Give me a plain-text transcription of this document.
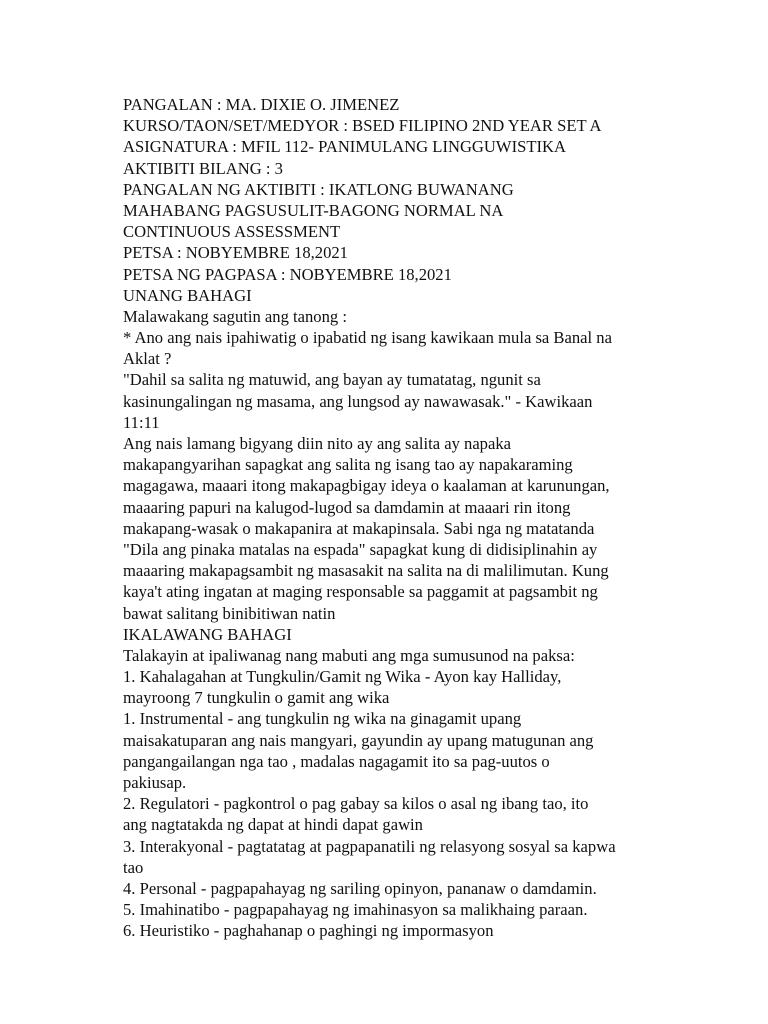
PANGALAN : MA. DIXIE O. JIMENEZ
KURSO/TAON/SET/MEDYOR : BSED FILIPINO 2ND YEAR SET A
ASIGNATURA : MFIL 112- PANIMULANG LINGGUWISTIKA
AKTIBITI BILANG : 3
PANGALAN NG AKTIBITI : IKATLONG BUWANANG
MAHABANG PAGSUSULIT-BAGONG NORMAL NA
CONTINUOUS ASSESSMENT
PETSA : NOBYEMBRE 18,2021
PETSA NG PAGPASA : NOBYEMBRE 18,2021
UNANG BAHAGI
Malawakang sagutin ang tanong :
* Ano ang nais ipahiwatig o ipabatid ng isang kawikaan mula sa Banal na
Aklat ?
"Dahil sa salita ng matuwid, ang bayan ay tumatatag, ngunit sa
kasinungalingan ng masama, ang lungsod ay nawawasak." - Kawikaan
11:11
Ang nais lamang bigyang diin nito ay ang salita ay napaka
makapangyarihan sapagkat ang salita ng isang tao ay napakaraming
magagawa, maaari itong makapagbigay ideya o kaalaman at karunungan,
maaaring papuri na kalugod-lugod sa damdamin at maaari rin itong
makapang-wasak o makapanira at makapinsala. Sabi nga ng matatanda
"Dila ang pinaka matalas na espada" sapagkat kung di didisiplinahin ay
maaaring makapagsambit ng masasakit na salita na di malilimutan. Kung
kaya't ating ingatan at maging responsable sa paggamit at pagsambit ng
bawat salitang binibitiwan natin
IKALAWANG BAHAGI
Talakayin at ipaliwanag nang mabuti ang mga sumusunod na paksa:
1. Kahalagahan at Tungkulin/Gamit ng Wika - Ayon kay Halliday,
mayroong 7 tungkulin o gamit ang wika
1. Instrumental - ang tungkulin ng wika na ginagamit upang
maisakatuparan ang nais mangyari, gayundin ay upang matugunan ang
pangangailangan nga tao , madalas nagagamit ito sa pag-uutos o
pakiusap.
2. Regulatori - pagkontrol o pag gabay sa kilos o asal ng ibang tao, ito
ang nagtatakda ng dapat at hindi dapat gawin
3. Interakyonal - pagtatatag at pagpapanatili ng relasyong sosyal sa kapwa
tao
4. Personal - pagpapahayag ng sariling opinyon, pananaw o damdamin.
5. Imahinatibo - pagpapahayag ng imahinasyon sa malikhaing paraan.
6. Heuristiko - paghahanap o paghingi ng impormasyon
